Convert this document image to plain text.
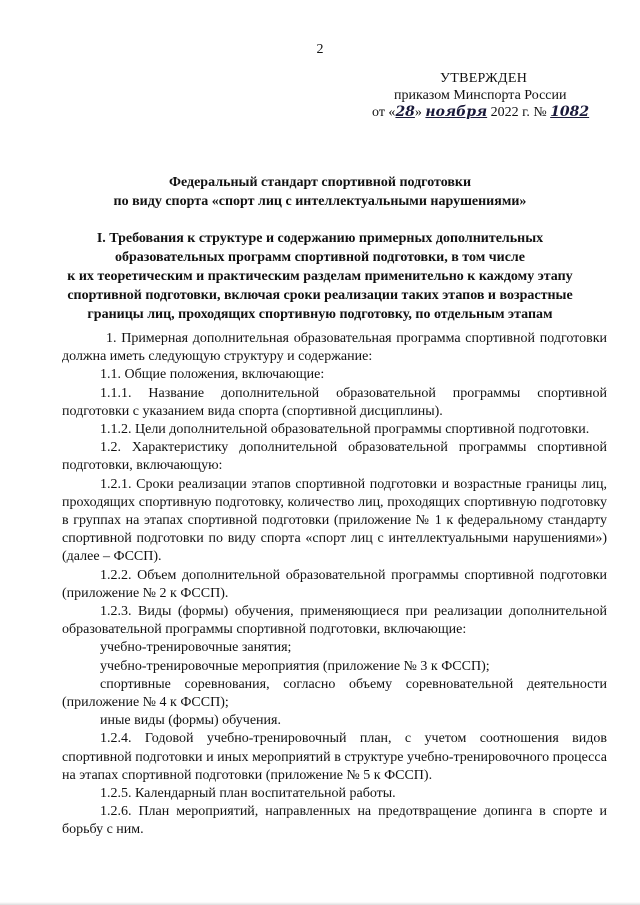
2
УТВЕРЖДЕН
приказом Минспорта России
от «28» ноября 2022 г. № 1082
Федеральный стандарт спортивной подготовки
по виду спорта «спорт лиц с интеллектуальными нарушениями»
I. Требования к структуре и содержанию примерных дополнительных
образовательных программ спортивной подготовки, в том числе
к их теоретическим и практическим разделам применительно к каждому этапу
спортивной подготовки, включая сроки реализации таких этапов и возрастные
границы лиц, проходящих спортивную подготовку, по отдельным этапам

1. Примерная дополнительная образовательная программа спортивной подготовки должна иметь следующую структуру и содержание:

1.1. Общие положения, включающие:

1.1.1. Название дополнительной образовательной программы спортивной подготовки с указанием вида спорта (спортивной дисциплины).

1.1.2. Цели дополнительной образовательной программы спортивной подготовки.

1.2. Характеристику дополнительной образовательной программы спортивной подготовки, включающую:

1.2.1. Сроки реализации этапов спортивной подготовки и возрастные границы лиц, проходящих спортивную подготовку, количество лиц, проходящих спортивную подготовку в группах на этапах спортивной подготовки (приложение № 1 к федеральному стандарту спортивной подготовки по виду спорта «спорт лиц с интеллектуальными нарушениями») (далее – ФССП).

1.2.2. Объем дополнительной образовательной программы спортивной подготовки (приложение № 2 к ФССП).

1.2.3. Виды (формы) обучения, применяющиеся при реализации дополнительной образовательной программы спортивной подготовки, включающие:

учебно-тренировочные занятия;

учебно-тренировочные мероприятия (приложение № 3 к ФССП);

спортивные соревнования, согласно объему соревновательной деятельности (приложение № 4 к ФССП);

иные виды (формы) обучения.

1.2.4. Годовой учебно-тренировочный план, с учетом соотношения видов спортивной подготовки и иных мероприятий в структуре учебно-тренировочного процесса на этапах спортивной подготовки (приложение № 5 к ФССП).

1.2.5. Календарный план воспитательной работы.

1.2.6. План мероприятий, направленных на предотвращение допинга в спорте и борьбу с ним.
